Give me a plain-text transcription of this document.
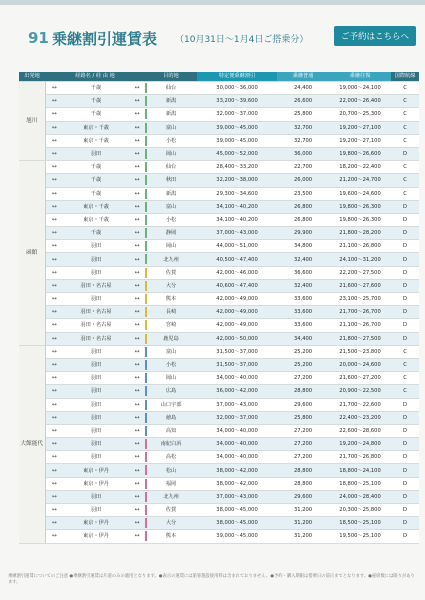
91 乗継割引運賃表 （10月31日～1月4日ご搭乗分）	ご予約はこちらへ
出発地	経路名 / 経 由 地			目的地	特定便乗継割引	乗継普通	乗継往復	国際航線
旭川	↔	千歳	↔	仙台	30,000～36,000	24,400	19,000～24,100	C
	↔	千歳	↔	新潟	33,200～39,600	26,600	22,000～26,400	C
	↔	千歳	↔	新潟	32,000～37,000	25,800	20,700～25,300	C
	↔	東京・千歳	↔	富山	39,000～45,000	32,700	19,200～27,100	C
	↔	東京・千歳	↔	小松	39,000～45,000	32,700	19,200～27,100	C
	↔	羽田	↔	岡山	45,000～52,000	36,000	19,800～26,600	D
函館	↔	千歳	↔	仙台	28,400～33,200	22,700	18,200～22,400	C
	↔	千歳	↔	秋田	32,200～38,000	26,000	21,200～24,700	C
	↔	千歳	↔	新潟	29,300～34,600	23,500	19,600～24,600	C
	↔	東京・千歳	↔	富山	34,100～40,200	26,800	19,800～26,300	D
	↔	東京・千歳	↔	小松	34,100～40,200	26,800	19,800～26,300	D
	↔	千歳	↔	静岡	37,000～43,000	29,900	21,800～28,200	D
	↔	羽田	↔	岡山	44,000～51,000	34,800	21,100～26,800	D
	↔	羽田	↔	北九州	40,500～47,400	32,400	24,100～31,200	D
	↔	羽田	↔	佐賀	42,000～46,000	36,600	22,200～27,500	D
	↔	羽田・名古屋	↔	大分	40,600～47,400	32,400	21,600～27,600	D
	↔	羽田	↔	熊本	42,000～49,000	33,600	23,100～25,700	D
	↔	羽田・名古屋	↔	長崎	42,000～49,000	33,600	21,700～26,700	D
	↔	羽田・名古屋	↔	宮崎	42,000～49,000	33,600	21,100～26,700	D
	↔	羽田・名古屋	↔	鹿児島	42,000～50,000	34,400	21,800～27,500	D
大館能代	↔	羽田	↔	富山	31,500～37,000	25,200	21,500～23,800	C
	↔	羽田	↔	小松	31,500～37,000	25,200	20,000～24,600	C
	↔	羽田	↔	岡山	34,000～40,000	27,200	21,600～27,200	C
	↔	羽田	↔	広島	36,000～42,000	28,800	20,900～22,500	C
	↔	羽田	↔	山口宇部	37,000～43,000	29,600	21,700～22,600	D
	↔	羽田	↔	徳島	32,000～37,000	25,800	22,400～23,200	D
	↔	羽田	↔	高知	34,000～40,000	27,200	22,600～28,600	D
	↔	羽田	↔	南紀白浜	34,000～40,000	27,200	19,200～24,800	D
	↔	羽田	↔	高松	34,000～40,000	27,200	21,700～26,800	D
	↔	東京・伊丹	↔	松山	38,000～42,000	28,800	18,800～24,100	D
	↔	東京・伊丹	↔	福岡	38,000～42,000	28,800	18,800～25,100	D
	↔	羽田	↔	北九州	37,000～43,000	29,600	24,000～28,400	D
	↔	羽田	↔	佐賀	38,000～45,000	31,200	20,300～25,800	D
	↔	東京・伊丹	↔	大分	38,000～45,000	31,200	18,500～25,100	D
	↔	東京・伊丹	↔	熊本	39,000～45,000	31,200	19,500～25,100	D
乗継割引運賃についてのご注意 ●乗継割引運賃は片道のみの適用となります。●表示の運賃には旅客施設使用料は含まれておりません。●予約・購入期限は搭乗日の前日までとなります。●座席数には限りがあります。
